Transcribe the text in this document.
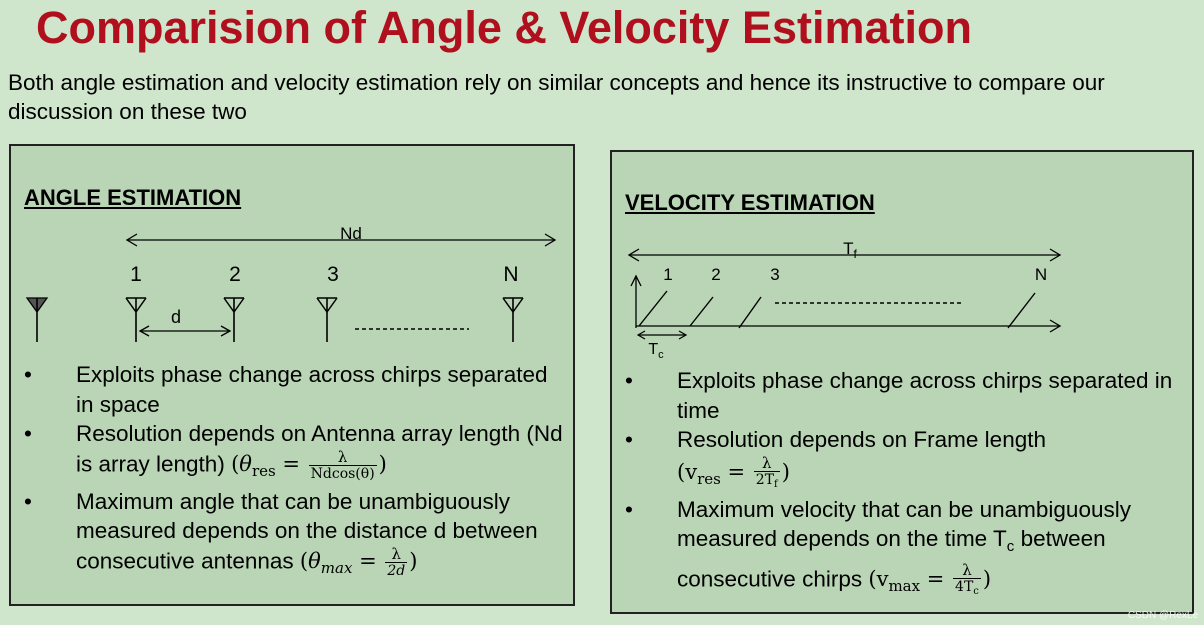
Comparision of Angle & Velocity Estimation
Both angle estimation and velocity estimation rely on similar concepts and hence its instructive to compare our discussion on these two
ANGLE ESTIMATION
Nd
1	2	3	N
d
• Exploits phase change across chirps separated in space
• Resolution depends on Antenna array length (Nd is array length) ($\theta_{res} = \frac{\lambda}{Ndcos(\theta)}$ )
• Maximum angle that can be unambiguously measured depends on the distance d between consecutive antennas ($\theta_{max} = \frac{\lambda}{2d}$ )
VELOCITY ESTIMATION
$T_f$
1 2	3	N
$T_c$
• Exploits phase change across chirps separated in time
• Resolution depends on Frame length
($v_{res} = \frac{\lambda}{2T_f}$ )
• Maximum velocity that can be unambiguously measured depends on the time $T_c$ between consecutive chirps ($v_{max} = \frac{\lambda}{4T_c}$ )
CSDN @RexLe
